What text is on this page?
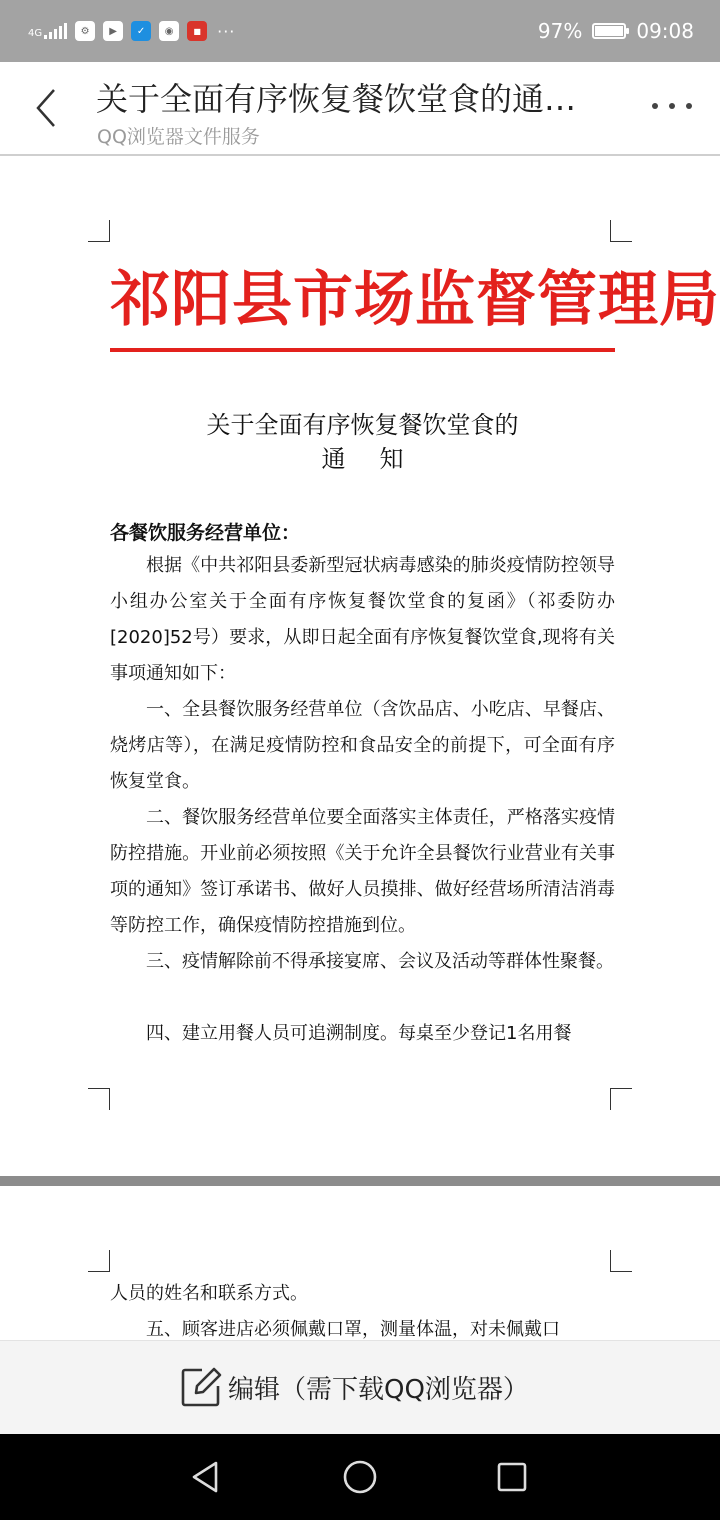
4G	⚙	▶	✓	◉	■	···	97%	09:08
关于全面有序恢复餐饮堂食的通…
QQ浏览器文件服务
祁阳县市场监督管理局
关于全面有序恢复餐饮堂食的
通知
各餐饮服务经营单位：
根据《中共祁阳县委新型冠状病毒感染的肺炎疫情防控领导小组办公室关于全面有序恢复餐饮堂食的复函》（祁委防办[2020]52号）要求，从即日起全面有序恢复餐饮堂食,现将有关事项通知如下：
一、全县餐饮服务经营单位（含饮品店、小吃店、早餐店、烧烤店等），在满足疫情防控和食品安全的前提下，可全面有序恢复堂食。
二、餐饮服务经营单位要全面落实主体责任，严格落实疫情防控措施。开业前必须按照《关于允许全县餐饮行业营业有关事项的通知》签订承诺书、做好人员摸排、做好经营场所清洁消毒等防控工作，确保疫情防控措施到位。
三、疫情解除前不得承接宴席、会议及活动等群体性聚餐。
四、建立用餐人员可追溯制度。每桌至少登记1名用餐
人员的姓名和联系方式。
五、顾客进店必须佩戴口罩，测量体温，对未佩戴口
编辑（需下载QQ浏览器）
